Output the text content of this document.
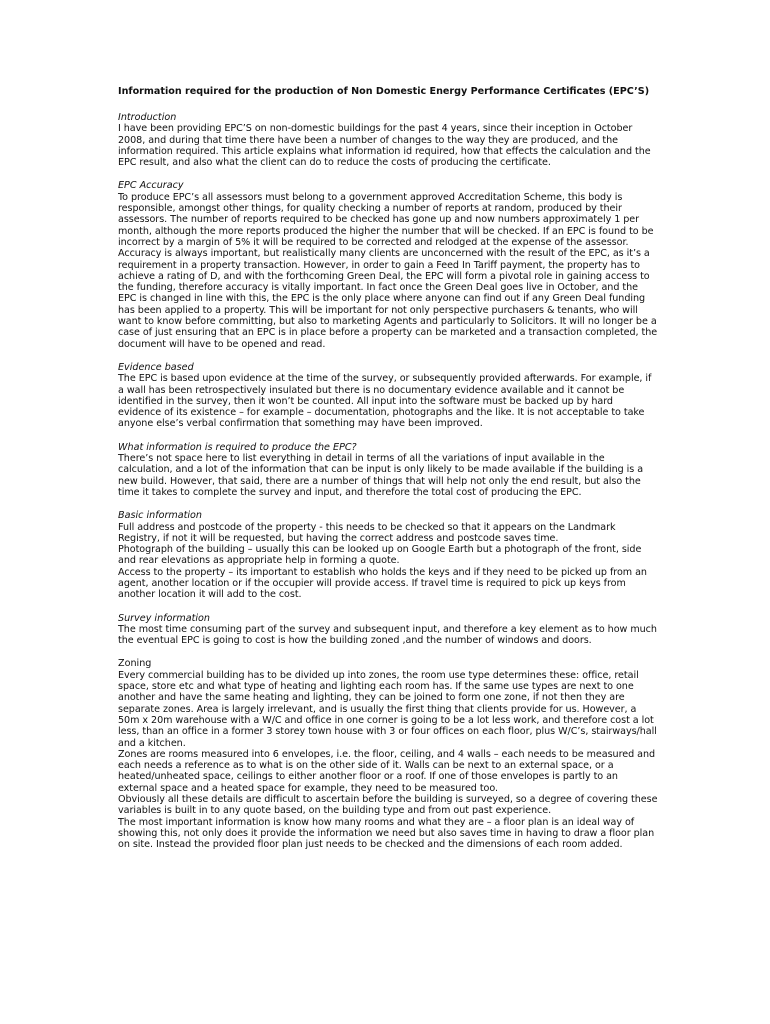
Information required for the production of Non Domestic Energy Performance Certificates (EPC’S)

Introduction

I have been providing EPC’S on non-domestic buildings for the past 4 years, since their inception in October 2008, and during that time there have been a number of changes to the way they are produced, and the information required. This article explains what information id required, how that effects the calculation and the EPC result, and also what the client can do to reduce the costs of producing the certificate.

EPC Accuracy

To produce EPC’s all assessors must belong to a government approved Accreditation Scheme, this body is responsible, amongst other things, for quality checking a number of reports at random, produced by their assessors. The number of reports required to be checked has gone up and now numbers approximately 1 per month, although the more reports produced the higher the number that will be checked. If an EPC is found to be incorrect by a margin of 5% it will be required to be corrected and relodged at the expense of the assessor.

Accuracy is always important, but realistically many clients are unconcerned with the result of the EPC, as it’s a requirement in a property transaction. However, in order to gain a Feed In Tariff payment, the property has to achieve a rating of D, and with the forthcoming Green Deal, the EPC will form a pivotal role in gaining access to the funding, therefore accuracy is vitally important. In fact once the Green Deal goes live in October, and the EPC is changed in line with this, the EPC is the only place where anyone can find out if any Green Deal funding has been applied to a property. This will be important for not only perspective purchasers & tenants, who will want to know before committing, but also to marketing Agents and particularly to Solicitors. It will no longer be a case of just ensuring that an EPC is in place before a property can be marketed and a transaction completed, the document will have to be opened and read.

Evidence based

The EPC is based upon evidence at the time of the survey, or subsequently provided afterwards. For example, if a wall has been retrospectively insulated but there is no documentary evidence available and it cannot be identified in the survey, then it won’t be counted. All input into the software must be backed up by hard evidence of its existence – for example – documentation, photographs and the like. It is not acceptable to take anyone else’s verbal confirmation that something may have been improved.

What information is required to produce the EPC?

There’s not space here to list everything in detail in terms of all the variations of input available in the calculation, and a lot of the information that can be input is only likely to be made available if the building is a new build. However, that said, there are a number of things that will help not only the end result, but also the time it takes to complete the survey and input, and therefore the total cost of producing the EPC.

Basic information

Full address and postcode of the property - this needs to be checked so that it appears on the Landmark Registry, if not it will be requested, but having the correct address and postcode saves time.

Photograph of the building – usually this can be looked up on Google Earth but a photograph of the front, side and rear elevations as appropriate help in forming a quote.

Access to the property – its important to establish who holds the keys and if they need to be picked up from an agent, another location or if the occupier will provide access. If travel time is required to pick up keys from another location it will add to the cost.

Survey information

The most time consuming part of the survey and subsequent input, and therefore a key element as to how much the eventual EPC is going to cost is how the building zoned ,and the number of windows and doors.

Zoning

Every commercial building has to be divided up into zones, the room use type determines these: office, retail space, store etc and what type of heating and lighting each room has. If the same use types are next to one another and have the same heating and lighting, they can be joined to form one zone, if not then they are separate zones. Area is largely irrelevant, and is usually the first thing that clients provide for us. However, a 50m x 20m warehouse with a W/C and office in one corner is going to be a lot less work, and therefore cost a lot less, than an office in a former 3 storey town house with 3 or four offices on each floor, plus W/C’s, stairways/hall and a kitchen.

Zones are rooms measured into 6 envelopes, i.e. the floor, ceiling, and 4 walls – each needs to be measured and each needs a reference as to what is on the other side of it. Walls can be next to an external space, or a heated/unheated space, ceilings to either another floor or a roof. If one of those envelopes is partly to an external space and a heated space for example, they need to be measured too.

Obviously all these details are difficult to ascertain before the building is surveyed, so a degree of covering these variables is built in to any quote based, on the building type and from out past experience.

The most important information is know how many rooms and what they are – a floor plan is an ideal way of showing this, not only does it provide the information we need but also saves time in having to draw a floor plan on site. Instead the provided floor plan just needs to be checked and the dimensions of each room added.
